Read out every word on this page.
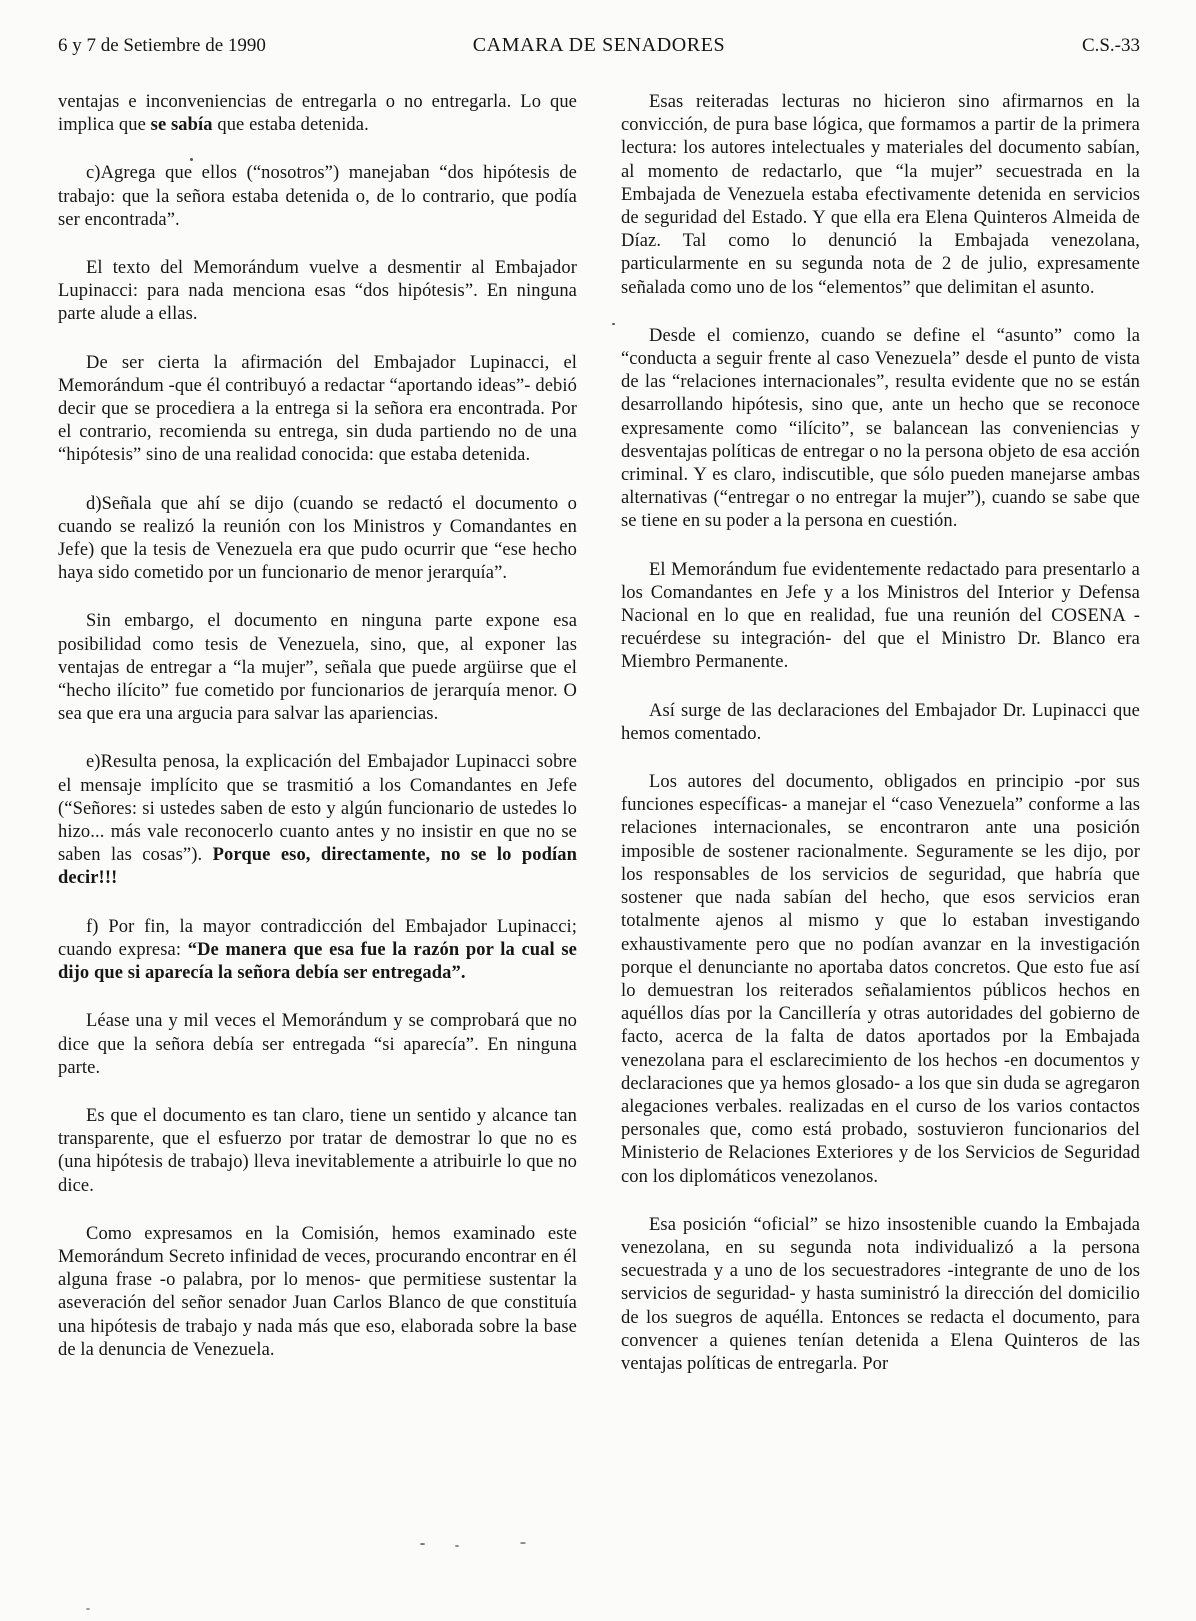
6 y 7 de Setiembre de 1990	CAMARA DE SENADORES	C.S.-33

ventajas e inconveniencias de entregarla o no entregarla. Lo que implica que se sabía que estaba detenida.

c)Agrega que ellos (“nosotros”) manejaban “dos hipótesis de trabajo: que la señora estaba detenida o, de lo contrario, que podía ser encontrada”.

El texto del Memorándum vuelve a desmentir al Embajador Lupinacci: para nada menciona esas “dos hipótesis”. En ninguna parte alude a ellas.

De ser cierta la afirmación del Embajador Lupinacci, el Memorándum -que él contribuyó a redactar “aportando ideas”- debió decir que se procediera a la entrega si la señora era encontrada. Por el contrario, recomienda su entrega, sin duda partiendo no de una “hipótesis” sino de una realidad conocida: que estaba detenida.

d)Señala que ahí se dijo (cuando se redactó el documento o cuando se realizó la reunión con los Ministros y Comandantes en Jefe) que la tesis de Venezuela era que pudo ocurrir que “ese hecho haya sido cometido por un funcionario de menor jerarquía”.

Sin embargo, el documento en ninguna parte expone esa posibilidad como tesis de Venezuela, sino, que, al exponer las ventajas de entregar a “la mujer”, señala que puede argüirse que el “hecho ilícito” fue cometido por funcionarios de jerarquía menor. O sea que era una argucia para salvar las apariencias.

e)Resulta penosa, la explicación del Embajador Lupinacci sobre el mensaje implícito que se trasmitió a los Comandantes en Jefe (“Señores: si ustedes saben de esto y algún funcionario de ustedes lo hizo... más vale reconocerlo cuanto antes y no insistir en que no se saben las cosas”). Porque eso, directamente, no se lo podían decir!!!

f) Por fin, la mayor contradicción del Embajador Lupinacci; cuando expresa: “De manera que esa fue la razón por la cual se dijo que si aparecía la señora debía ser entregada”.

Léase una y mil veces el Memorándum y se comprobará que no dice que la señora debía ser entregada “si aparecía”. En ninguna parte.

Es que el documento es tan claro, tiene un sentido y alcance tan transparente, que el esfuerzo por tratar de demostrar lo que no es (una hipótesis de trabajo) lleva inevitablemente a atribuirle lo que no dice.

Como expresamos en la Comisión, hemos examinado este Memorándum Secreto infinidad de veces, procurando encontrar en él alguna frase -o palabra, por lo menos- que permitiese sustentar la aseveración del señor senador Juan Carlos Blanco de que constituía una hipótesis de trabajo y nada más que eso, elaborada sobre la base de la denuncia de Venezuela.

Esas reiteradas lecturas no hicieron sino afirmarnos en la convicción, de pura base lógica, que formamos a partir de la primera lectura: los autores intelectuales y materiales del documento sabían, al momento de redactarlo, que “la mujer” secuestrada en la Embajada de Venezuela estaba efectivamente detenida en servicios de seguridad del Estado. Y que ella era Elena Quinteros Almeida de Díaz. Tal como lo denunció la Embajada venezolana, particularmente en su segunda nota de 2 de julio, expresamente señalada como uno de los “elementos” que delimitan el asunto.

Desde el comienzo, cuando se define el “asunto” como la “conducta a seguir frente al caso Venezuela” desde el punto de vista de las “relaciones internacionales”, resulta evidente que no se están desarrollando hipótesis, sino que, ante un hecho que se reconoce expresamente como “ilícito”, se balancean las conveniencias y desventajas políticas de entregar o no la persona objeto de esa acción criminal. Y es claro, indiscutible, que sólo pueden manejarse ambas alternativas (“entregar o no entregar la mujer”), cuando se sabe que se tiene en su poder a la persona en cuestión.

El Memorándum fue evidentemente redactado para presentarlo a los Comandantes en Jefe y a los Ministros del Interior y Defensa Nacional en lo que en realidad, fue una reunión del COSENA -recuérdese su integración- del que el Ministro Dr. Blanco era Miembro Permanente.

Así surge de las declaraciones del Embajador Dr. Lupinacci que hemos comentado.

Los autores del documento, obligados en principio -por sus funciones específicas- a manejar el “caso Venezuela” conforme a las relaciones internacionales, se encontraron ante una posición imposible de sostener racionalmente. Seguramente se les dijo, por los responsables de los servicios de seguridad, que habría que sostener que nada sabían del hecho, que esos servicios eran totalmente ajenos al mismo y que lo estaban investigando exhaustivamente pero que no podían avanzar en la investigación porque el denunciante no aportaba datos concretos. Que esto fue así lo demuestran los reiterados señalamientos públicos hechos en aquéllos días por la Cancillería y otras autoridades del gobierno de facto, acerca de la falta de datos aportados por la Embajada venezolana para el esclarecimiento de los hechos -en documentos y declaraciones que ya hemos glosado- a los que sin duda se agregaron alegaciones verbales. realizadas en el curso de los varios contactos personales que, como está probado, sostuvieron funcionarios del Ministerio de Relaciones Exteriores y de los Servicios de Seguridad con los diplomáticos venezolanos.

Esa posición “oficial” se hizo insostenible cuando la Embajada venezolana, en su segunda nota individualizó a la persona secuestrada y a uno de los secuestradores -integrante de uno de los servicios de seguridad- y hasta suministró la dirección del domicilio de los suegros de aquélla. Entonces se redacta el documento, para convencer a quienes tenían detenida a Elena Quinteros de las ventajas políticas de entregarla. Por
